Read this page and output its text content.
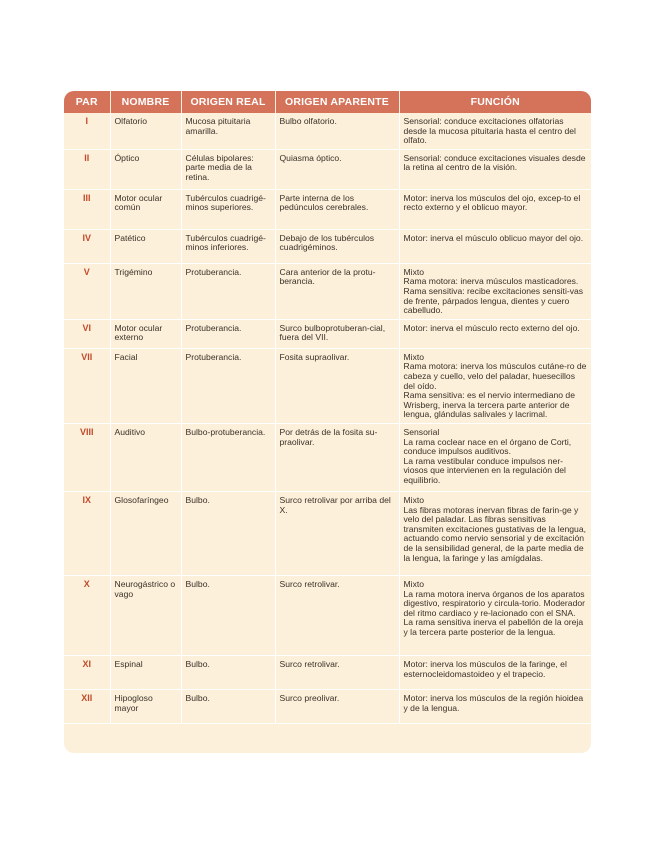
PAR	NOMBRE	ORIGEN REAL	ORIGEN APARENTE	FUNCIÓN
I	Olfatorio	Mucosa pituitaria amarilla.	Bulbo olfatorio.	Sensorial: conduce excitaciones olfatorias desde la mucosa pituitaria hasta el centro del olfato.

II	Óptico	Células bipolares: parte media de la retina.	Quiasma óptico.	Sensorial: conduce excitaciones visuales desde la retina al centro de la visión.

III	Motor ocular común	Tubérculos cuadrigé-minos superiores.	Parte interna de los pedúnculos cerebrales.	Motor: inerva los músculos del ojo, excep-to el recto externo y el oblicuo mayor.

IV	Patético	Tubérculos cuadrigé-minos inferiores.	Debajo de los tubérculos cuadrigéminos.	Motor: inerva el músculo oblicuo mayor del ojo.

V	Trigémino	Protuberancia.	Cara anterior de la protu-berancia.	Mixto
Rama motora: inerva músculos masticadores.
Rama sensitiva: recibe excitaciones sensiti-vas de frente, párpados lengua, dientes y cuero cabelludo.

VI	Motor ocular externo	Protuberancia.	Surco bulboprotuberan-cial, fuera del VII.	Motor: inerva el músculo recto externo del ojo.

VII	Facial	Protuberancia.	Fosita supraolivar.	Mixto
Rama motora: inerva los músculos cutáne-ro de cabeza y cuello, velo del paladar, huesecillos del oído.
Rama sensitiva: es el nervio intermediano de Wrisberg, inerva la tercera parte anterior de lengua, glándulas salivales y lacrimal.

VIII	Auditivo	Bulbo-protuberancia.	Por detrás de la fosita su-praolivar.	Sensorial
La rama coclear nace en el órgano de Corti, conduce impulsos auditivos.
La rama vestibular conduce impulsos ner-viosos que intervienen en la regulación del equilibrio.

IX	Glosofaríngeo	Bulbo.	Surco retrolivar por arriba del X.	Mixto
Las fibras motoras inervan fibras de farin-ge y velo del paladar. Las fibras sensitivas transmiten excitaciones gustativas de la lengua, actuando como nervio sensorial y de excitación de la sensibilidad general, de la parte media de la lengua, la faringe y las amígdalas.

X	Neurogástrico o vago	Bulbo.	Surco retrolivar.	Mixto
La rama motora inerva órganos de los aparatos digestivo, respiratorio y circula-torio. Moderador del ritmo cardiaco y re-lacionado con el SNA. La rama sensitiva inerva el pabellón de la oreja y la tercera parte posterior de la lengua.

XI	Espinal	Bulbo.	Surco retrolivar.	Motor: inerva los músculos de la faringe, el esternocleidomastoideo y el trapecio.

XII	Hipogloso mayor	Bulbo.	Surco preolivar.	Motor: inerva los músculos de la región hioidea y de la lengua.
